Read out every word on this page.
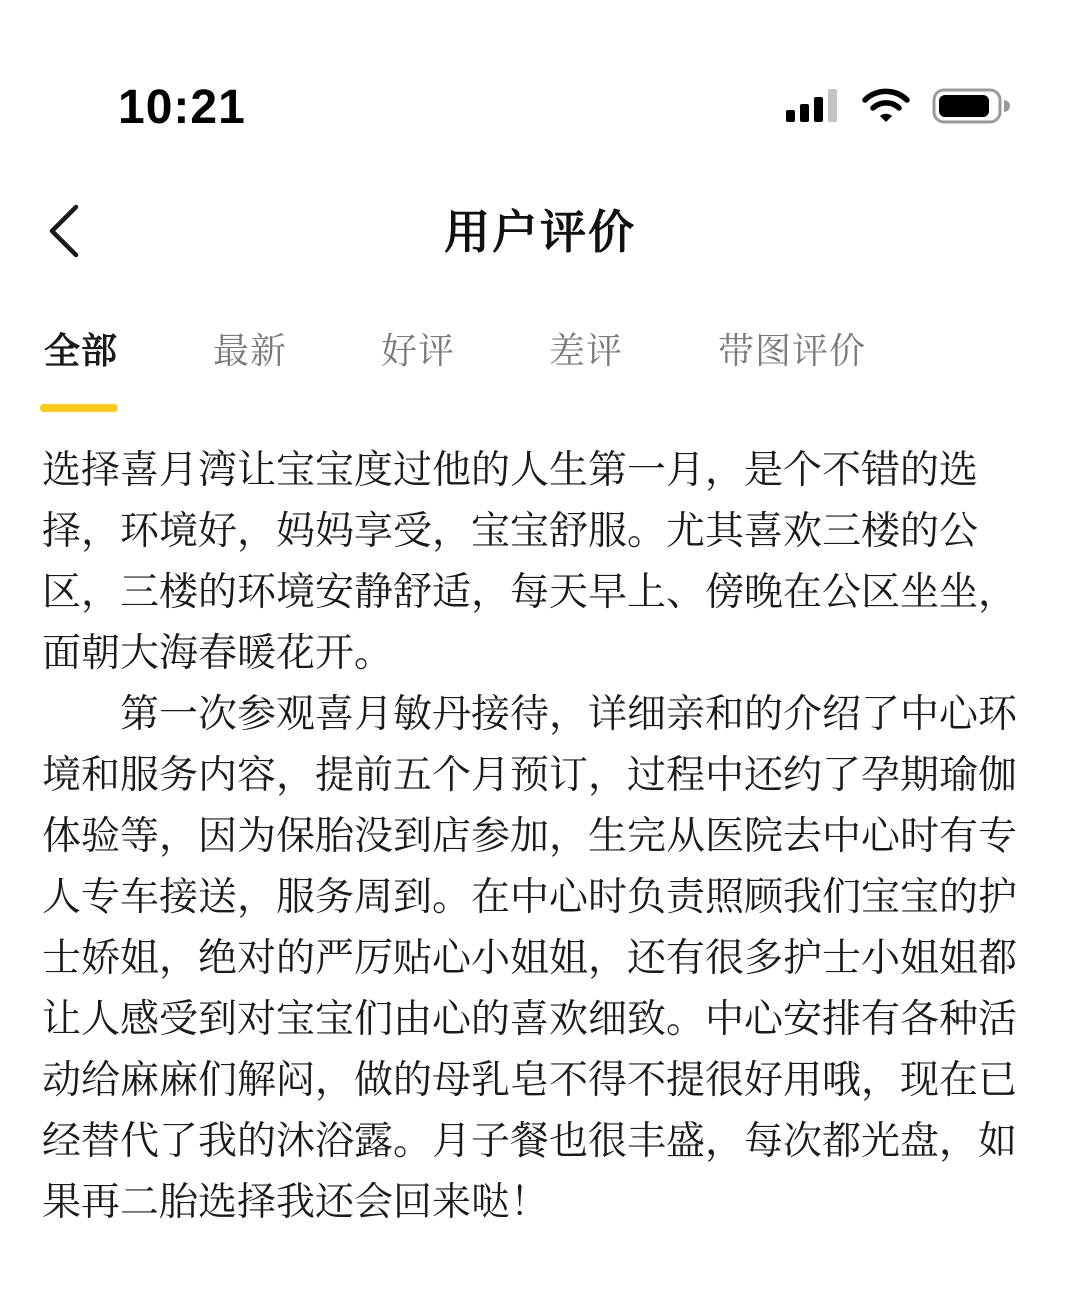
10:21
用户评价
全部	最新	好评	差评	带图评价

选择喜月湾让宝宝度过他的人生第一月，是个不错的选择，环境好，妈妈享受，宝宝舒服。尤其喜欢三楼的公区，三楼的环境安静舒适，每天早上、傍晚在公区坐坐，面朝大海春暖花开。

　　第一次参观喜月敏丹接待，详细亲和的介绍了中心环境和服务内容，提前五个月预订，过程中还约了孕期瑜伽体验等，因为保胎没到店参加，生完从医院去中心时有专人专车接送，服务周到。在中心时负责照顾我们宝宝的护士娇姐，绝对的严厉贴心小姐姐，还有很多护士小姐姐都让人感受到对宝宝们由心的喜欢细致。中心安排有各种活动给麻麻们解闷，做的母乳皂不得不提很好用哦，现在已经替代了我的沐浴露。月子餐也很丰盛，每次都光盘，如果再二胎选择我还会回来哒！
